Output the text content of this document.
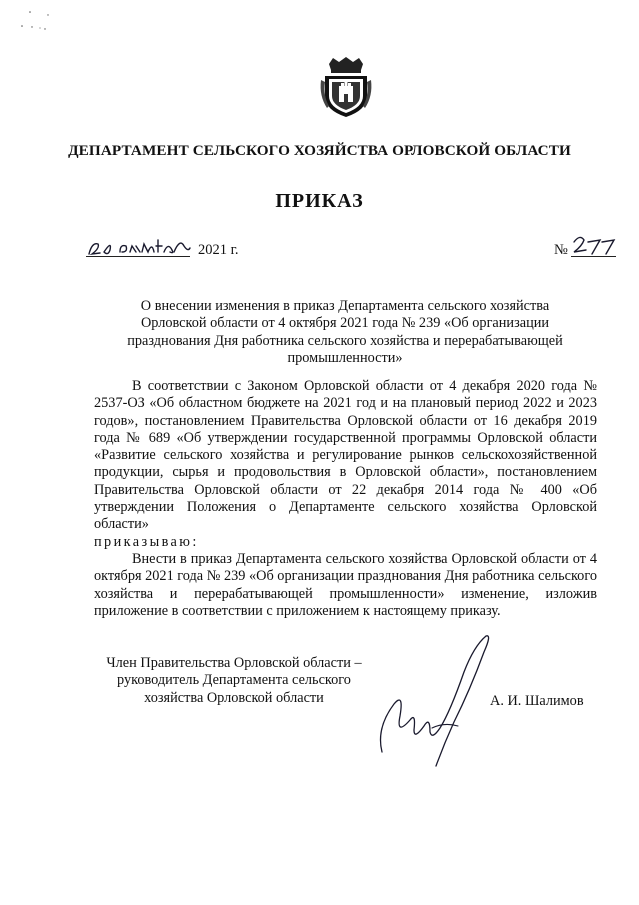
ДЕПАРТАМЕНТ СЕЛЬСКОГО ХОЗЯЙСТВА ОРЛОВСКОЙ ОБЛАСТИ
ПРИКАЗ
2021 г.	№
О внесении изменения в приказ Департамента сельского хозяйства Орловской области от 4 октября 2021 года № 239 «Об организации празднования Дня работника сельского хозяйства и перерабатывающей промышленности»

В соответствии с Законом Орловской области от 4 декабря 2020 года № 2537-ОЗ «Об областном бюджете на 2021 год и на плановый период 2022 и 2023 годов», постановлением Правительства Орловской области от 16 декабря 2019 года № 689 «Об утверждении государственной программы Орловской области «Развитие сельского хозяйства и регулирование рынков сельскохозяйственной продукции, сырья и продовольствия в Орловской области», постановлением Правительства Орловской области от 22 декабря 2014 года № 400 «Об утверждении Положения о Департаменте сельского хозяйства Орловской области»
приказываю:

Внести в приказ Департамента сельского хозяйства Орловской области от 4 октября 2021 года № 239 «Об организации празднования Дня работника сельского хозяйства и перерабатывающей промышленности» изменение, изложив приложение в соответствии с приложением к настоящему приказу.

Член Правительства Орловской области –
руководитель Департамента сельского
хозяйства Орловской области	А. И. Шалимов
